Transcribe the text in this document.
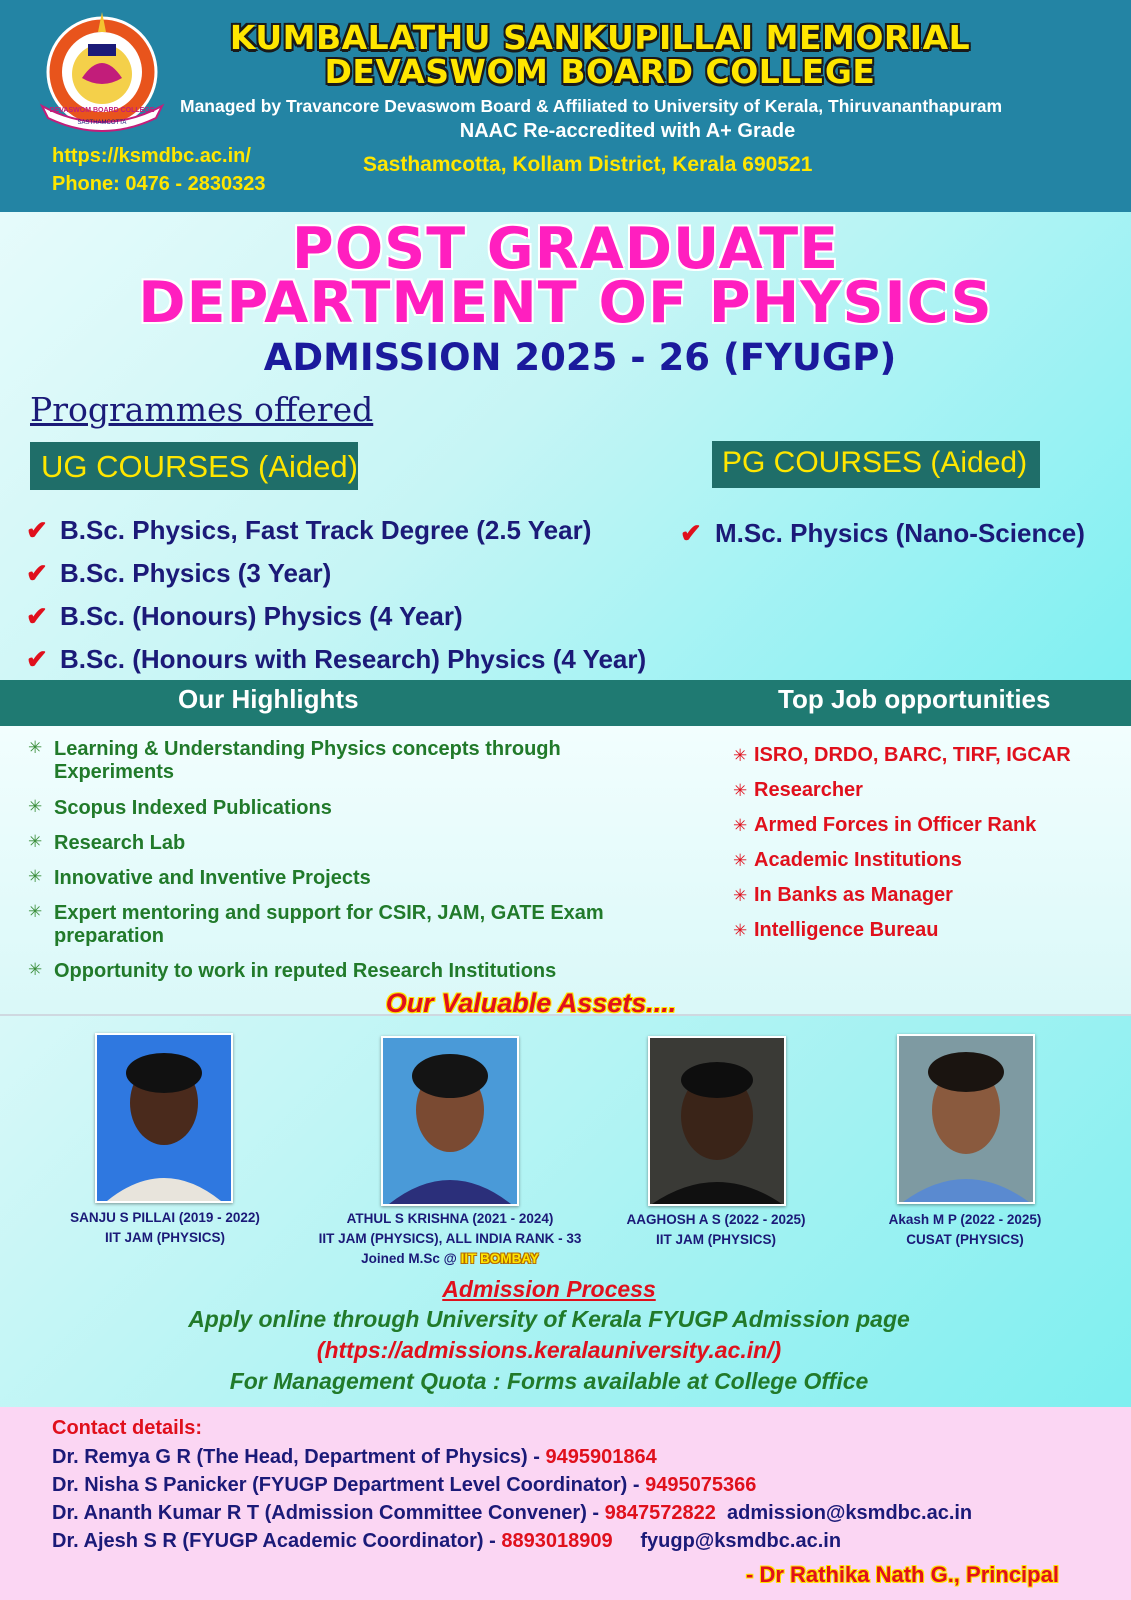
DEVASWOM BOARD COLLEGE
SASTHAMCOTTA
KUMBALATHU SANKUPILLAI MEMORIAL
DEVASWOM BOARD COLLEGE
Managed by Travancore Devaswom Board & Affiliated to University of Kerala, Thiruvananthapuram
NAAC Re-accredited with A+ Grade
https://ksmdbc.ac.in/
Phone: 0476 - 2830323
Sasthamcotta, Kollam District, Kerala 690521
POST GRADUATE
DEPARTMENT OF PHYSICS
ADMISSION 2025 - 26 (FYUGP)
Programmes offered
UG COURSES (Aided)	PG COURSES (Aided)
✔ B.Sc. Physics, Fast Track Degree (2.5 Year)
✔ B.Sc. Physics (3 Year)
✔ B.Sc. (Honours) Physics (4 Year)
✔ B.Sc. (Honours with Research) Physics (4 Year)
✔ M.Sc. Physics (Nano-Science)
Our Highlights	Top Job opportunities
✳ Learning & Understanding Physics concepts through Experiments
✳ Scopus Indexed Publications
✳ Research Lab
✳ Innovative and Inventive Projects
✳ Expert mentoring and support for CSIR, JAM, GATE Exam preparation
✳ Opportunity to work in reputed Research Institutions
✳ ISRO, DRDO, BARC, TIRF, IGCAR
✳ Researcher
✳ Armed Forces in Officer Rank
✳ Academic Institutions
✳ In Banks as Manager
✳ Intelligence Bureau
Our Valuable Assets....
SANJU S PILLAI (2019 - 2022)
IIT JAM (PHYSICS)
ATHUL S KRISHNA (2021 - 2024)
IIT JAM (PHYSICS), ALL INDIA RANK - 33
Joined M.Sc @ IIT BOMBAY
AAGHOSH A S (2022 - 2025)
IIT JAM (PHYSICS)
Akash M P (2022 - 2025)
CUSAT (PHYSICS)
Admission Process
Apply online through University of Kerala FYUGP Admission page
(https://admissions.keralauniversity.ac.in/)
For Management Quota : Forms available at College Office
Contact details:
Dr. Remya G R (The Head, Department of Physics) - 9495901864
Dr. Nisha S Panicker (FYUGP Department Level Coordinator) - 9495075366
Dr. Ananth Kumar R T (Admission Committee Convener) - 9847572822 admission@ksmdbc.ac.in
Dr. Ajesh S R (FYUGP Academic Coordinator) - 8893018909 fyugp@ksmdbc.ac.in
- Dr Rathika Nath G., Principal
